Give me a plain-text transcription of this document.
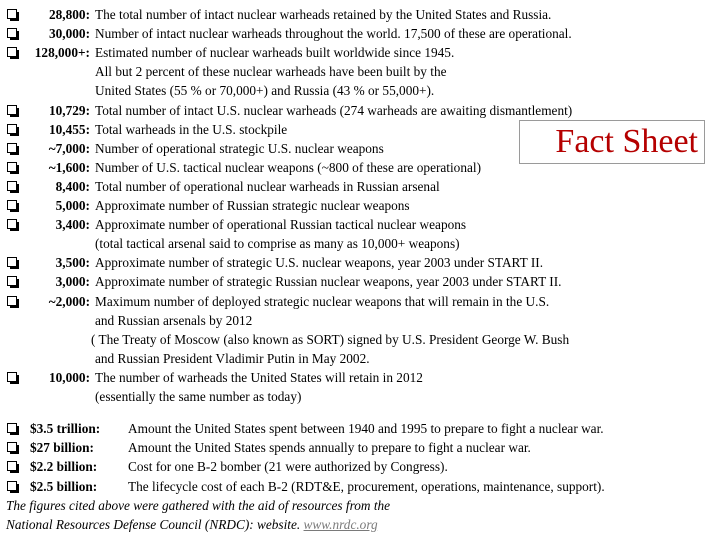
Fact Sheet
28,800: The total number of intact nuclear warheads retained by the United States and Russia.
30,000: Number of intact nuclear warheads throughout the world. 17,500 of these are operational.
128,000+: Estimated number of nuclear warheads built worldwide since 1945.
All but 2 percent of these nuclear warheads have been built by the
United States (55 % or 70,000+) and Russia (43 % or 55,000+).
10,729: Total number of intact U.S. nuclear warheads (274 warheads are awaiting dismantlement)
10,455: Total warheads in the U.S. stockpile
~7,000: Number of operational strategic U.S. nuclear weapons
~1,600: Number of U.S. tactical nuclear weapons (~800 of these are operational)
8,400: Total number of operational nuclear warheads in Russian arsenal
5,000: Approximate number of Russian strategic nuclear weapons
3,400: Approximate number of operational Russian tactical nuclear weapons
(total tactical arsenal said to comprise as many as 10,000+ weapons)
3,500: Approximate number of strategic U.S. nuclear weapons, year 2003 under START II.
3,000: Approximate number of strategic Russian nuclear weapons, year 2003 under START II.
~2,000: Maximum number of deployed strategic nuclear weapons that will remain in the U.S.
and Russian arsenals by 2012
( The Treaty of Moscow (also known as SORT) signed by U.S. President George W. Bush
and Russian President Vladimir Putin in May 2002.
10,000: The number of warheads the United States will retain in 2012
(essentially the same number as today)
$3.5 trillion: Amount the United States spent between 1940 and 1995 to prepare to fight a nuclear war.
$27 billion:	Amount the United States spends annually to prepare to fight a nuclear war.
$2.2 billion: Cost for one B-2 bomber (21 were authorized by Congress).
$2.5 billion: The lifecycle cost of each B-2 (RDT&E, procurement, operations, maintenance, support).
The figures cited above were gathered with the aid of resources from the
National Resources Defense Council (NRDC): website. www.nrdc.org
